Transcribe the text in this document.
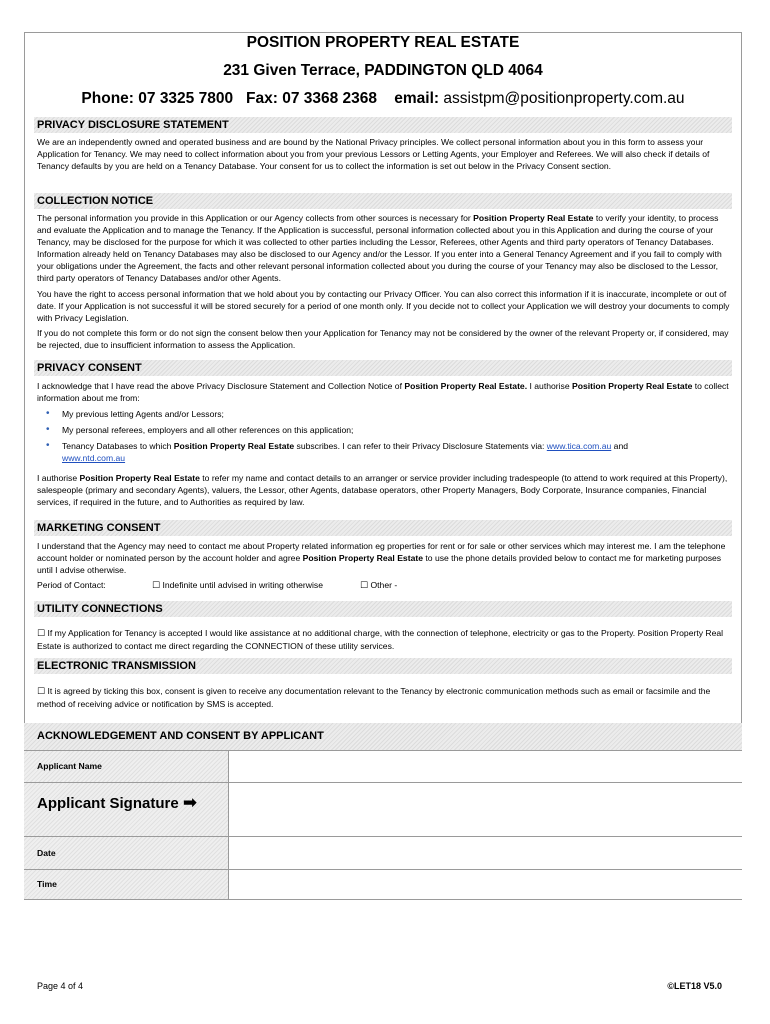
POSITION PROPERTY REAL ESTATE
231 Given Terrace, PADDINGTON QLD 4064
Phone: 07 3325 7800 Fax: 07 3368 2368 email: assistpm@positionproperty.com.au
PRIVACY DISCLOSURE STATEMENT

We are an independently owned and operated business and are bound by the National Privacy principles. We collect personal information about you in this form to assess your Application for Tenancy. We may need to collect information about you from your previous Lessors or Letting Agents, your Employer and Referees. We will also check if details of Tenancy defaults by you are held on a Tenancy Database. Your consent for us to collect the information is set out below in the Privacy Consent section.

COLLECTION NOTICE

The personal information you provide in this Application or our Agency collects from other sources is necessary for Position Property Real Estate to verify your identity, to process and evaluate the Application and to manage the Tenancy. If the Application is successful, personal information collected about you in this Application and during the course of your Tenancy, may be disclosed for the purpose for which it was collected to other parties including the Lessor, Referees, other Agents and third party operators of Tenancy Databases. Information already held on Tenancy Databases may also be disclosed to our Agency and/or the Lessor. If you enter into a General Tenancy Agreement and if you fail to comply with your obligations under the Agreement, the facts and other relevant personal information collected about you during the course of your Tenancy may also be disclosed to the Lessor, third party operators of Tenancy Databases and/or other Agents.

You have the right to access personal information that we hold about you by contacting our Privacy Officer. You can also correct this information if it is inaccurate, incomplete or out of date. If your Application is not successful it will be stored securely for a period of one month only. If you decide not to collect your Application we will destroy your documents to comply with Privacy Legislation.

If you do not complete this form or do not sign the consent below then your Application for Tenancy may not be considered by the owner of the relevant Property or, if considered, may be rejected, due to insufficient information to assess the Application.

PRIVACY CONSENT

I acknowledge that I have read the above Privacy Disclosure Statement and Collection Notice of Position Property Real Estate. I authorise Position Property Real Estate to collect information about me from:

• My previous letting Agents and/or Lessors;
• My personal referees, employers and all other references on this application;
• Tenancy Databases to which Position Property Real Estate subscribes. I can refer to their Privacy Disclosure Statements via: www.tica.com.au and
www.ntd.com.au

I authorise Position Property Real Estate to refer my name and contact details to an arranger or service provider including tradespeople (to attend to work required at this Property), salespeople (primary and secondary Agents), valuers, the Lessor, other Agents, database operators, other Property Managers, Body Corporate, Insurance companies, Financial services, if required in the future, and to Authorities as required by law.

MARKETING CONSENT

I understand that the Agency may need to contact me about Property related information eg properties for rent or for sale or other services which may interest me. I am the telephone account holder or nominated person by the account holder and agree Position Property Real Estate to use the phone details provided below to contact me for marketing purposes until I advise otherwise.

Period of Contact:	☐ Indefinite until advised in writing otherwise	☐ Other -
UTILITY CONNECTIONS

☐ If my Application for Tenancy is accepted I would like assistance at no additional charge, with the connection of telephone, electricity or gas to the Property. Position Property Real Estate is authorized to contact me direct regarding the CONNECTION of these utility services.

ELECTRONIC TRANSMISSION

☐ It is agreed by ticking this box, consent is given to receive any documentation relevant to the Tenancy by electronic communication methods such as email or facsimile and the method of receiving advice or notification by SMS is accepted.

ACKNOWLEDGEMENT AND CONSENT BY APPLICANT
Applicant Name
Applicant Signature ➡
Date
Time
Page 4 of 4	©LET18 V5.0
